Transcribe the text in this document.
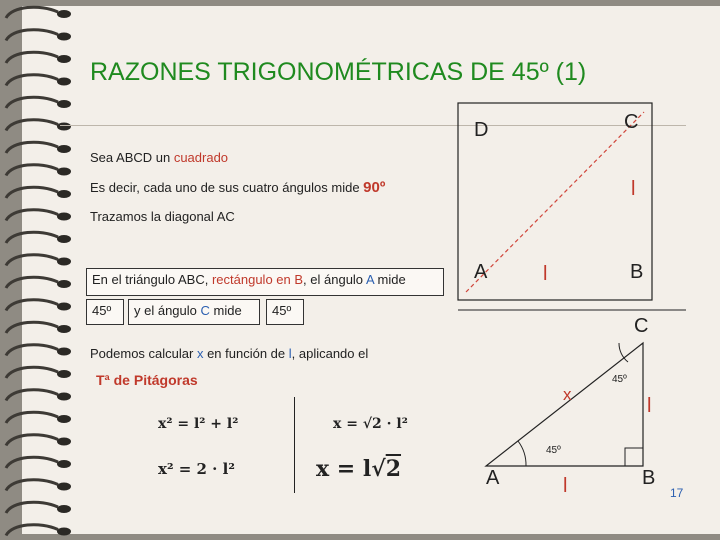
RAZONES TRIGONOMÉTRICAS DE 45º (1)
Sea ABCD un cuadrado
Es decir, cada uno de sus cuatro ángulos mide 90º
Trazamos la diagonal AC
En el triángulo ABC, rectángulo en B, el ángulo A mide
45º	y el ángulo C mide	45º
Podemos calcular x en función de l, aplicando el
Tª de Pitágoras
D	C
A	B
l
l
C
A	B
45º
45º
x
l
l
x² = l² + l²
x² = 2 · l²
x = √2 · l²
x = l√2
17
